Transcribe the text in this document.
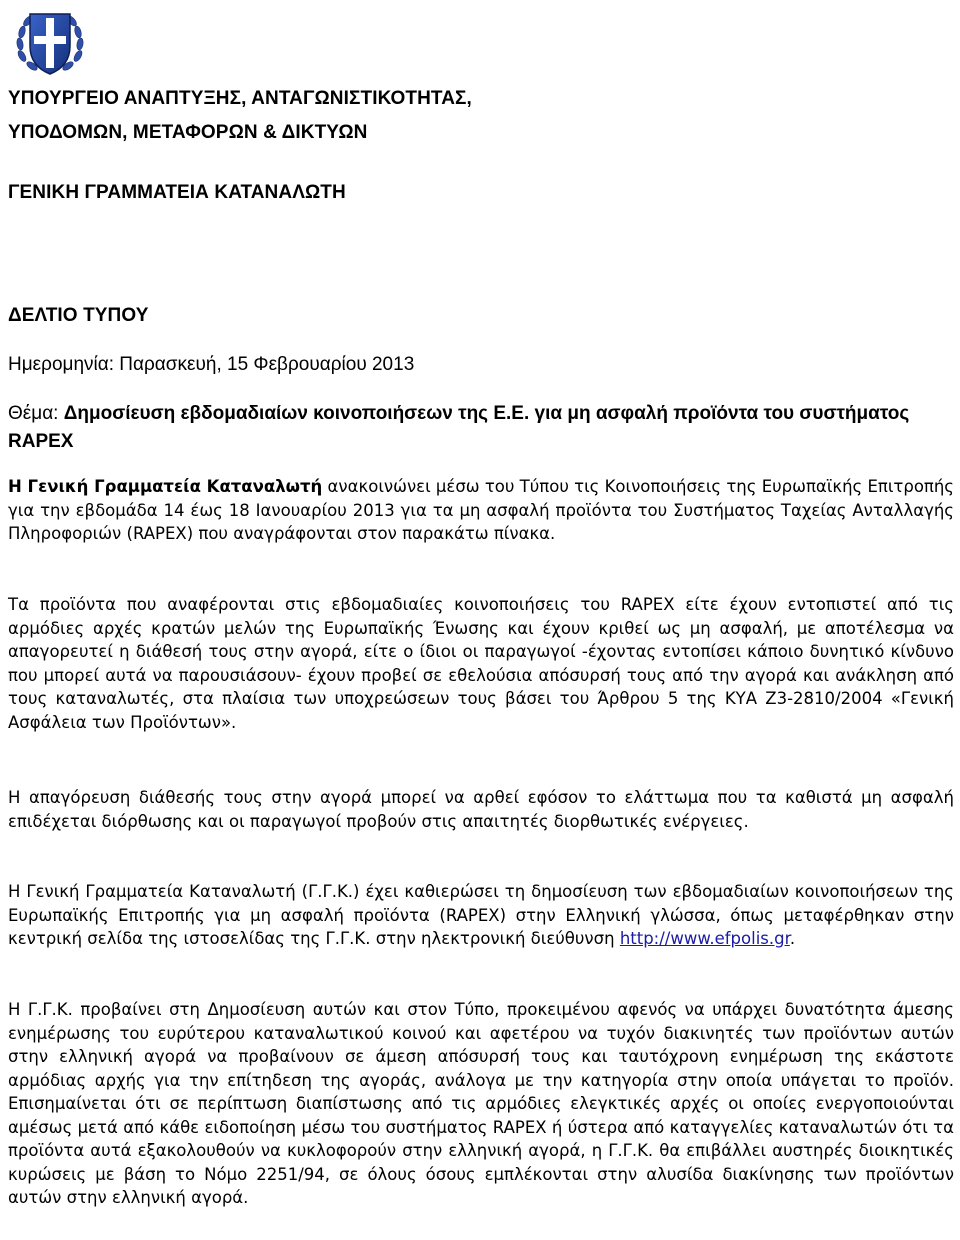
ΥΠΟΥΡΓΕΙΟ ΑΝΑΠΤΥΞΗΣ, ΑΝΤΑΓΩΝΙΣΤΙΚΟΤΗΤΑΣ,
ΥΠΟΔΟΜΩΝ, ΜΕΤΑΦΟΡΩΝ & ΔΙΚΤΥΩΝ
ΓΕΝΙΚΗ ΓΡΑΜΜΑΤΕΙΑ ΚΑΤΑΝΑΛΩΤΗ
ΔΕΛΤΙΟ ΤΥΠΟΥ
Ημερομηνία: Παρασκευή, 15 Φεβρουαρίου 2013
Θέμα: Δημοσίευση εβδομαδιαίων κοινοποιήσεων της Ε.Ε. για μη ασφαλή προϊόντα του συστήματος RAPEX

Η Γενική Γραμματεία Καταναλωτή ανακοινώνει μέσω του Τύπου τις Κοινοποιήσεις της Ευρωπαϊκής Επιτροπής για την εβδομάδα 14 έως 18 Ιανουαρίου 2013 για τα μη ασφαλή προϊόντα του Συστήματος Ταχείας Ανταλλαγής Πληροφοριών (RAPEX) που αναγράφονται στον παρακάτω πίνακα.

Τα προϊόντα που αναφέρονται στις εβδομαδιαίες κοινοποιήσεις του RAPEX είτε έχουν εντοπιστεί από τις αρμόδιες αρχές κρατών μελών της Ευρωπαϊκής Ένωσης και έχουν κριθεί ως μη ασφαλή, με αποτέλεσμα να απαγορευτεί η διάθεσή τους στην αγορά, είτε ο ίδιοι οι παραγωγοί -έχοντας εντοπίσει κάποιο δυνητικό κίνδυνο που μπορεί αυτά να παρουσιάσουν- έχουν προβεί σε εθελούσια απόσυρσή τους από την αγορά και ανάκληση από τους καταναλωτές, στα πλαίσια των υποχρεώσεων τους βάσει του Άρθρου 5 της ΚΥΑ Ζ3-2810/2004 «Γενική Ασφάλεια των Προϊόντων».

Η απαγόρευση διάθεσής τους στην αγορά μπορεί να αρθεί εφόσον το ελάττωμα που τα καθιστά μη ασφαλή επιδέχεται διόρθωσης και οι παραγωγοί προβούν στις απαιτητές διορθωτικές ενέργειες.

Η Γενική Γραμματεία Καταναλωτή (Γ.Γ.Κ.) έχει καθιερώσει τη δημοσίευση των εβδομαδιαίων κοινοποιήσεων της Ευρωπαϊκής Επιτροπής για μη ασφαλή προϊόντα (RAPEX) στην Ελληνική γλώσσα, όπως μεταφέρθηκαν στην κεντρική σελίδα της ιστοσελίδας της Γ.Γ.Κ. στην ηλεκτρονική διεύθυνση http://www.efpolis.gr.

Η Γ.Γ.Κ. προβαίνει στη Δημοσίευση αυτών και στον Τύπο, προκειμένου αφενός να υπάρχει δυνατότητα άμεσης ενημέρωσης του ευρύτερου καταναλωτικού κοινού και αφετέρου να τυχόν διακινητές των προϊόντων αυτών στην ελληνική αγορά να προβαίνουν σε άμεση απόσυρσή τους και ταυτόχρονη ενημέρωση της εκάστοτε αρμόδιας αρχής για την επίτηδεση της αγοράς, ανάλογα με την κατηγορία στην οποία υπάγεται το προϊόν. Επισημαίνεται ότι σε περίπτωση διαπίστωσης από τις αρμόδιες ελεγκτικές αρχές οι οποίες ενεργοποιούνται αμέσως μετά από κάθε ειδοποίηση μέσω του συστήματος RAPEX ή ύστερα από καταγγελίες καταναλωτών ότι τα προϊόντα αυτά εξακολουθούν να κυκλοφορούν στην ελληνική αγορά, η Γ.Γ.Κ. θα επιβάλλει αυστηρές διοικητικές κυρώσεις με βάση το Νόμο 2251/94, σε όλους όσους εμπλέκονται στην αλυσίδα διακίνησης των προϊόντων αυτών στην ελληνική αγορά.
